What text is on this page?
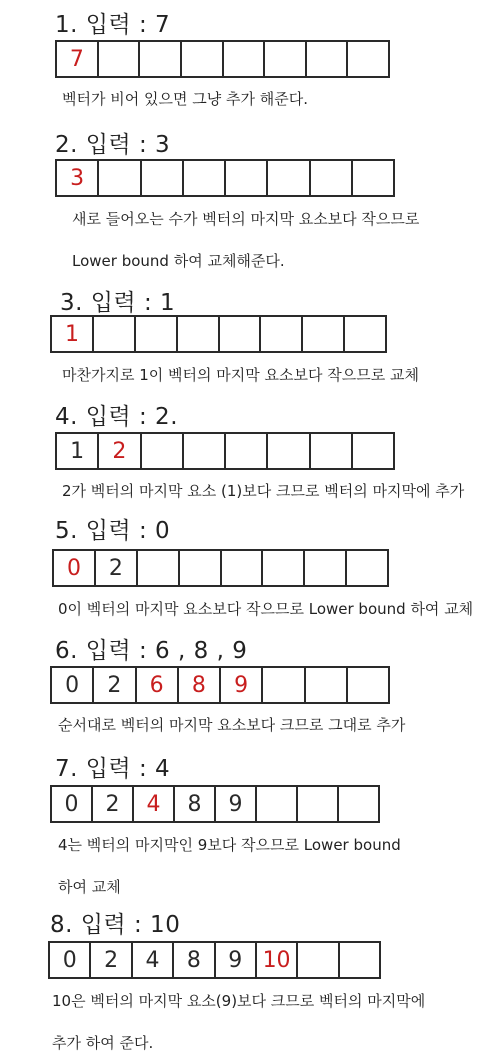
1. 입력 : 7
7
벡터가 비어 있으면 그냥 추가 해준다.
2. 입력 : 3
3
새로 들어오는 수가 벡터의 마지막 요소보다 작으므로
Lower bound 하여 교체해준다.
3. 입력 : 1
1
마찬가지로 1이 벡터의 마지막 요소보다 작으므로 교체
4. 입력 : 2.
1	2
2가 벡터의 마지막 요소 (1)보다 크므로 벡터의 마지막에 추가
5. 입력 : 0
0	2
0이 벡터의 마지막 요소보다 작으므로 Lower bound 하여 교체
6. 입력 : 6 , 8 , 9
0	2	6	8	9
순서대로 벡터의 마지막 요소보다 크므로 그대로 추가
7. 입력 : 4
0	2	4	8	9
4는 벡터의 마지막인 9보다 작으므로 Lower bound
하여 교체
8. 입력 : 10
0	2	4	8	9 10
10은 벡터의 마지막 요소(9)보다 크므로 벡터의 마지막에
추가 하여 준다.
